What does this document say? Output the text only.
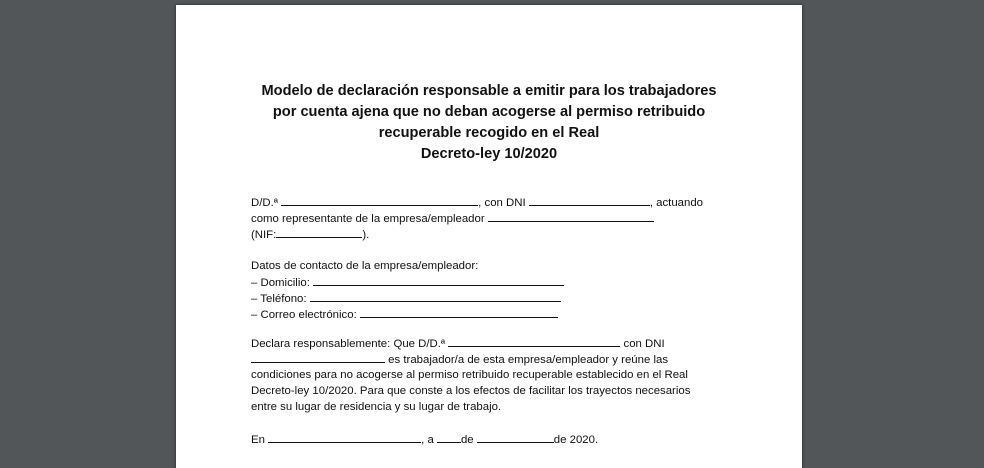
Modelo de declaración responsable a emitir para los trabajadores
por cuenta ajena que no deban acogerse al permiso retribuido
recuperable recogido en el Real
Decreto-ley 10/2020
D/D.ª	, con DNI	, actuando
como representante de la empresa/empleador
(NIF:	).
Datos de contacto de la empresa/empleador:
– Domicilio:
– Teléfono:
– Correo electrónico:
Declara responsablemente: Que D/D.ª	con DNI
es trabajador/a de esta empresa/empleador y reúne las
condiciones para no acogerse al permiso retribuido recuperable establecido en el Real
Decreto-ley 10/2020. Para que conste a los efectos de facilitar los trayectos necesarios
entre su lugar de residencia y su lugar de trabajo.
En	, a de	de 2020.
